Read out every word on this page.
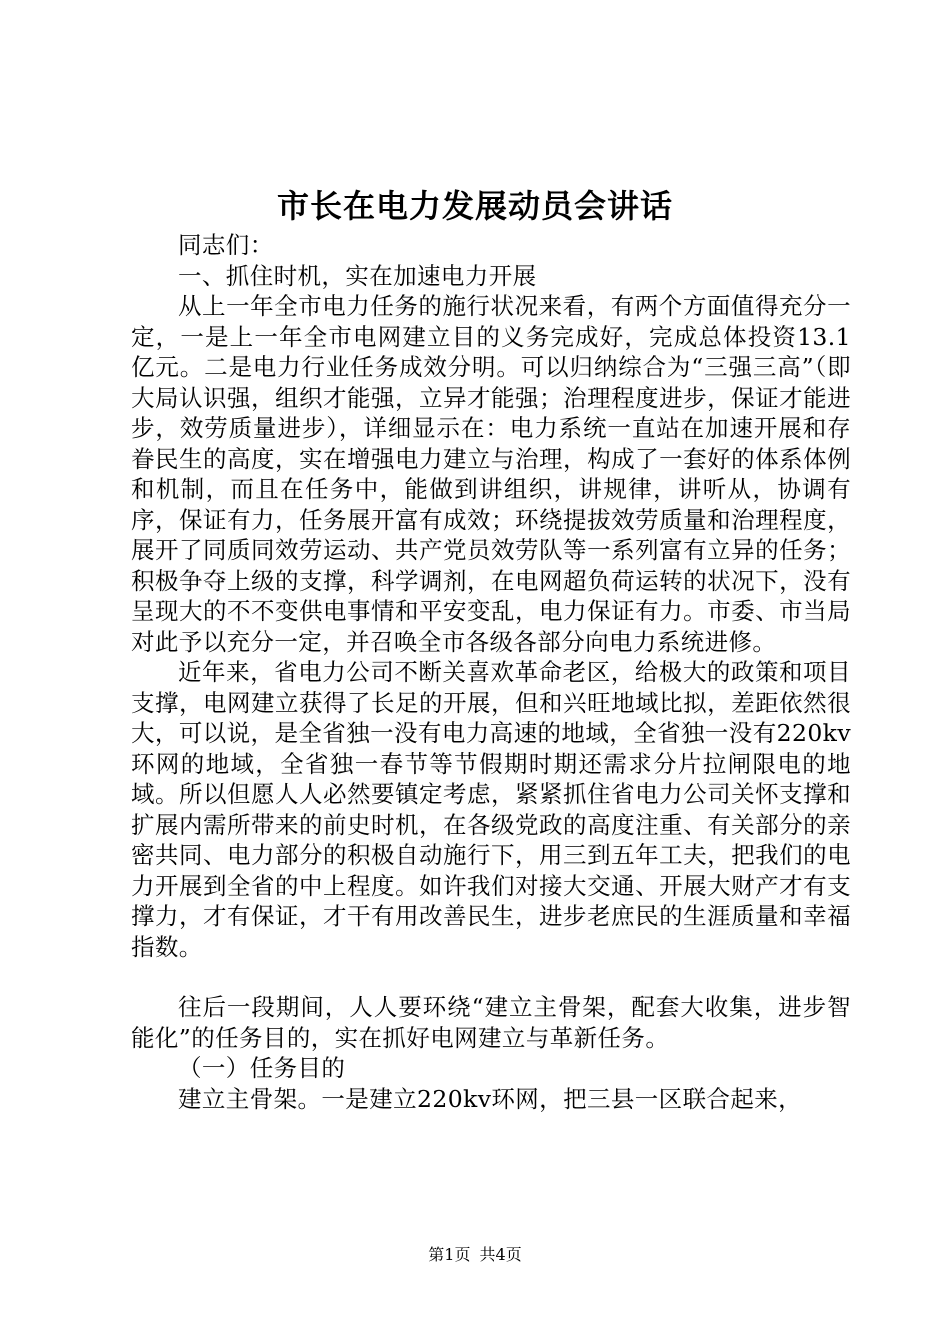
市长在电力发展动员会讲话

同志们：

一、抓住时机，实在加速电力开展

从上一年全市电力任务的施行状况来看，有两个方面值得充分一定，一是上一年全市电网建立目的义务完成好，完成总体投资13.1亿元。二是电力行业任务成效分明。可以归纳综合为“三强三高”（即大局认识强，组织才能强，立异才能强；治理程度进步，保证才能进步，效劳质量进步），详细显示在：电力系统一直站在加速开展和存眷民生的高度，实在增强电力建立与治理，构成了一套好的体系体例和机制，而且在任务中，能做到讲组织，讲规律，讲听从，协调有序，保证有力，任务展开富有成效；环绕提拔效劳质量和治理程度，展开了同质同效劳运动、共产党员效劳队等一系列富有立异的任务；积极争夺上级的支撑，科学调剂，在电网超负荷运转的状况下，没有呈现大的不不变供电事情和平安变乱，电力保证有力。市委、市当局对此予以充分一定，并召唤全市各级各部分向电力系统进修。

近年来，省电力公司不断关喜欢革命老区，给极大的政策和项目支撑，电网建立获得了长足的开展，但和兴旺地域比拟，差距依然很大，可以说，是全省独一没有电力高速的地域，全省独一没有220kv环网的地域，全省独一春节等节假期时期还需求分片拉闸限电的地域。所以但愿人人必然要镇定考虑，紧紧抓住省电力公司关怀支撑和扩展内需所带来的前史时机，在各级党政的高度注重、有关部分的亲密共同、电力部分的积极自动施行下，用三到五年工夫，把我们的电力开展到全省的中上程度。如许我们对接大交通、开展大财产才有支撑力，才有保证，才干有用改善民生，进步老庶民的生涯质量和幸福指数。

往后一段期间，人人要环绕“建立主骨架，配套大收集，进步智能化”的任务目的，实在抓好电网建立与革新任务。

（一）任务目的

建立主骨架。一是建立220kv环网，把三县一区联合起来，

第1页 共4页
